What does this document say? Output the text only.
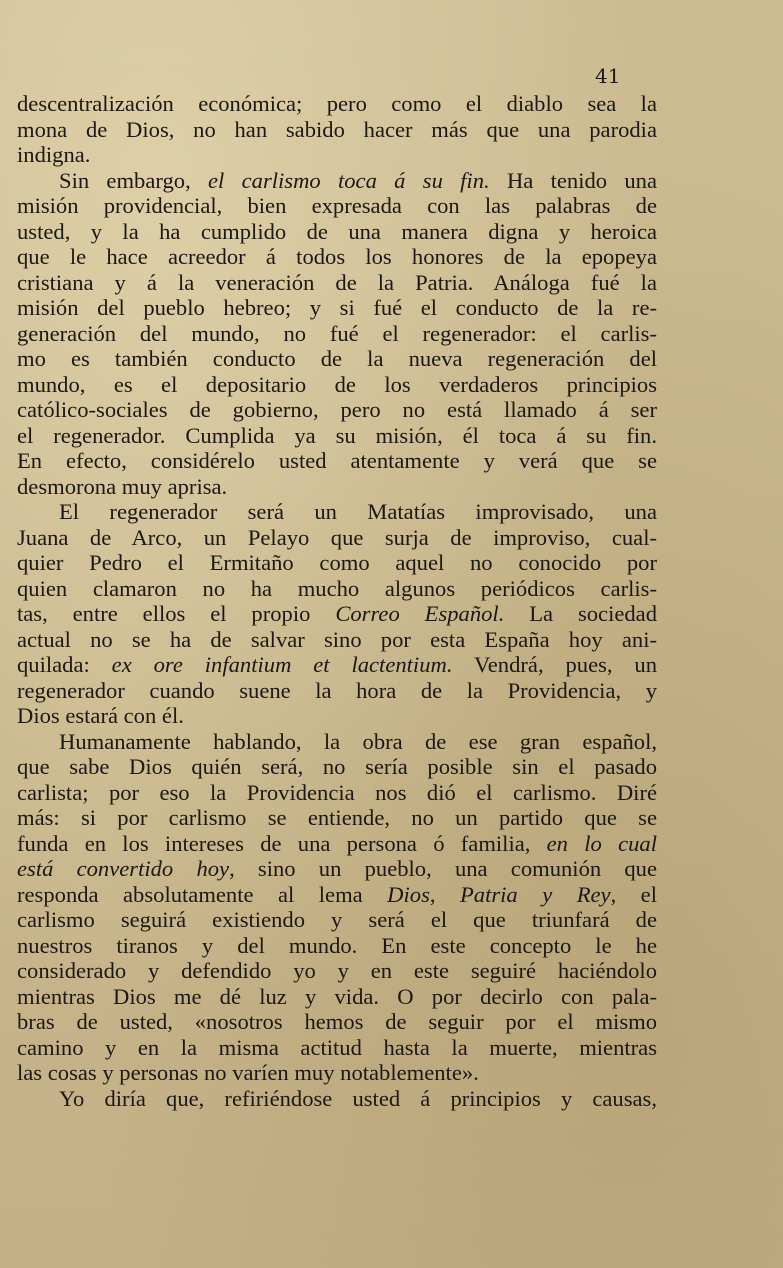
41
descentralización económica; pero como el diablo sea la
mona de Dios, no han sabido hacer más que una parodia
indigna.
Sin embargo, el carlismo toca á su fin. Ha tenido una
misión providencial, bien expresada con las palabras de
usted, y la ha cumplido de una manera digna y heroica
que le hace acreedor á todos los honores de la epopeya
cristiana y á la veneración de la Patria. Análoga fué la
misión del pueblo hebreo; y si fué el conducto de la re-
generación del mundo, no fué el regenerador: el carlis-
mo es también conducto de la nueva regeneración del
mundo, es el depositario de los verdaderos principios
católico-sociales de gobierno, pero no está llamado á ser
el regenerador. Cumplida ya su misión, él toca á su fin.
En efecto, considérelo usted atentamente y verá que se
desmorona muy aprisa.
El regenerador será un Matatías improvisado, una
Juana de Arco, un Pelayo que surja de improviso, cual-
quier Pedro el Ermitaño como aquel no conocido por
quien clamaron no ha mucho algunos periódicos carlis-
tas, entre ellos el propio Correo Español. La sociedad
actual no se ha de salvar sino por esta España hoy ani-
quilada: ex ore infantium et lactentium. Vendrá, pues, un
regenerador cuando suene la hora de la Providencia, y
Dios estará con él.
Humanamente hablando, la obra de ese gran español,
que sabe Dios quién será, no sería posible sin el pasado
carlista; por eso la Providencia nos dió el carlismo. Diré
más: si por carlismo se entiende, no un partido que se
funda en los intereses de una persona ó familia, en lo cual
está convertido hoy, sino un pueblo, una comunión que
responda absolutamente al lema Dios, Patria y Rey, el
carlismo seguirá existiendo y será el que triunfará de
nuestros tiranos y del mundo. En este concepto le he
considerado y defendido yo y en este seguiré haciéndolo
mientras Dios me dé luz y vida. O por decirlo con pala-
bras de usted, «nosotros hemos de seguir por el mismo
camino y en la misma actitud hasta la muerte, mientras
las cosas y personas no varíen muy notablemente».
Yo diría que, refiriéndose usted á principios y causas,
